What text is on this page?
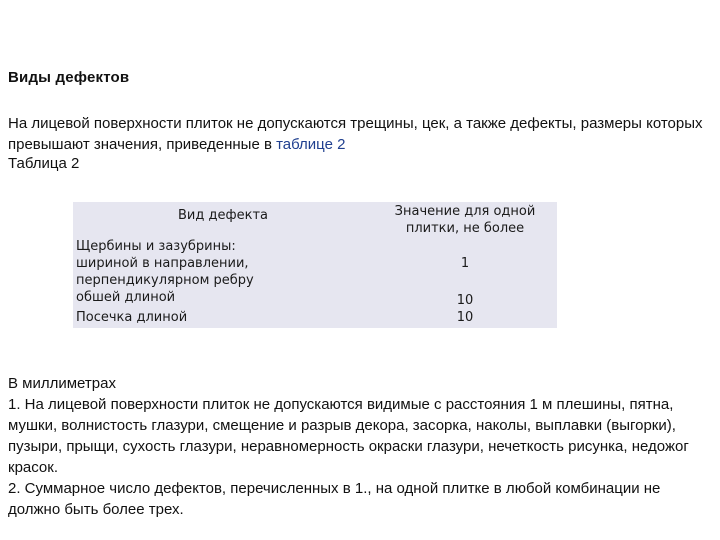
Виды дефектов
На лицевой поверхности плиток не допускаются трещины, цек, а также дефекты, размеры которых превышают значения, приведенные в таблице 2
Таблица 2
Вид дефекта	Значение для одной плитки, не более
Щербины и зазубрины:
шириной в направлении,
перпендикулярном ребру
обшей длиной
1
10
Посечка длиной	10

В миллиметрах

1. На лицевой поверхности плиток не допускаются видимые с расстояния 1 м плешины, пятна, мушки, волнистость глазури, смещение и разрыв декора, засорка, наколы, выплавки (выгорки), пузыри, прыщи, сухость глазури, неравномерность окраски глазури, нечеткость рисунка, недожог красок.

2. Суммарное число дефектов, перечисленных в 1., на одной плитке в любой комбинации не должно быть более трех.
